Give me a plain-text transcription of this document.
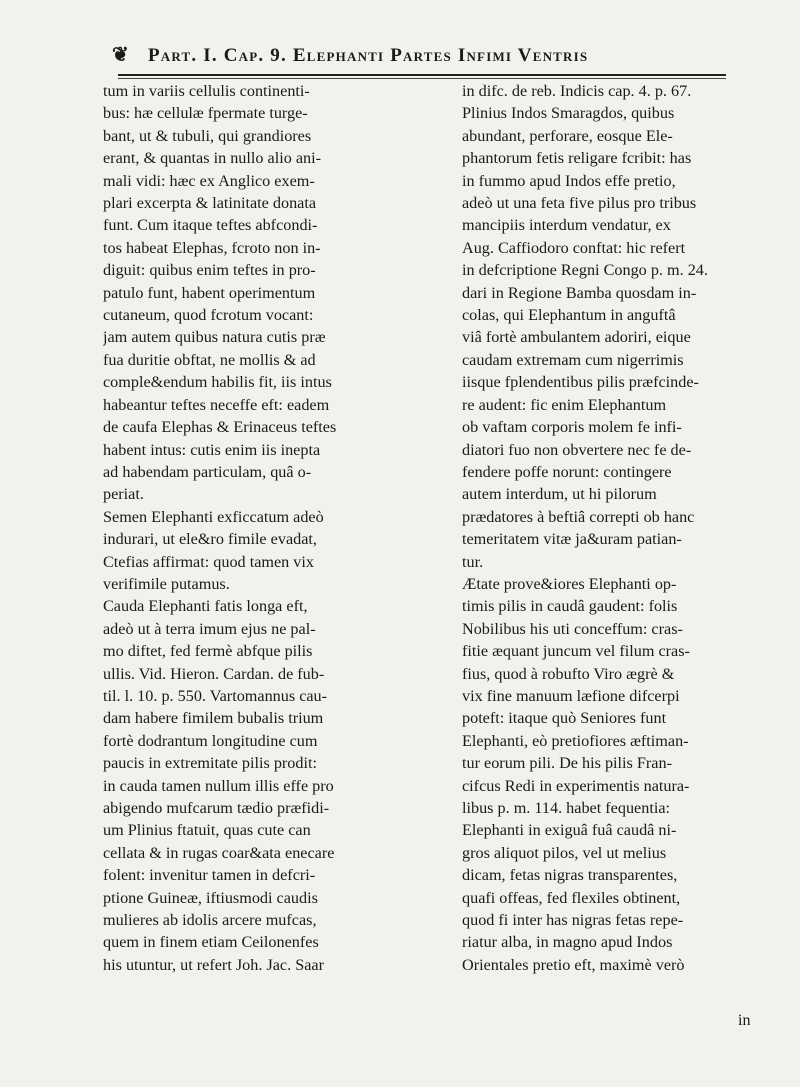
❦ Part. I. Cap. 9. Elephanti Partes Infimi Ventris
tum in variis cellulis continenti-
bus: hæ cellulæ fpermate turge-
bant, ut & tubuli, qui grandiores
erant, & quantas in nullo alio ani-
mali vidi: hæc ex Anglico exem-
plari excerpta & latinitate donata
funt. Cum itaque teftes abfcondi-
tos habeat Elephas, fcroto non in-
diguit: quibus enim teftes in pro-
patulo funt, habent operimentum
cutaneum, quod fcrotum vocant:
jam autem quibus natura cutis præ
fua duritie obftat, ne mollis & ad
comple&endum habilis fit, iis intus
habeantur teftes neceffe eft: eadem
de caufa Elephas & Erinaceus teftes
habent intus: cutis enim iis inepta
ad habendam particulam, quâ o-
periat.
Semen Elephanti exficcatum adeò
indurari, ut ele&ro fimile evadat,
Ctefias affirmat: quod tamen vix
verifimile putamus.
Cauda Elephanti fatis longa eft,
adeò ut à terra imum ejus ne pal-
mo diftet, fed fermè abfque pilis
ullis. Vid. Hieron. Cardan. de fub-
til. l. 10. p. 550. Vartomannus cau-
dam habere fimilem bubalis trium
fortè dodrantum longitudine cum
paucis in extremitate pilis prodit:
in cauda tamen nullum illis effe pro
abigendo mufcarum tædio præfidi-
um Plinius ftatuit, quas cute can
cellata & in rugas coar&ata enecare
folent: invenitur tamen in defcri-
ptione Guineæ, iftiusmodi caudis
mulieres ab idolis arcere mufcas,
quem in finem etiam Ceilonenfes
his utuntur, ut refert Joh. Jac. Saar
in difc. de reb. Indicis cap. 4. p. 67.
Plinius Indos Smaragdos, quibus
abundant, perforare, eosque Ele-
phantorum fetis religare fcribit: has
in fummo apud Indos effe pretio,
adeò ut una feta five pilus pro tribus
mancipiis interdum vendatur, ex
Aug. Caffiodoro conftat: hic refert
in defcriptione Regni Congo p. m. 24.
dari in Regione Bamba quosdam in-
colas, qui Elephantum in anguftâ
viâ fortè ambulantem adoriri, eique
caudam extremam cum nigerrimis
iisque fplendentibus pilis præfcinde-
re audent: fic enim Elephantum
ob vaftam corporis molem fe infi-
diatori fuo non obvertere nec fe de-
fendere poffe norunt: contingere
autem interdum, ut hi pilorum
prædatores à beftiâ correpti ob hanc
temeritatem vitæ ja&uram patian-
tur.
Ætate prove&iores Elephanti op-
timis pilis in caudâ gaudent: folis
Nobilibus his uti conceffum: cras-
fitie æquant juncum vel filum cras-
fius, quod à robufto Viro ægrè &
vix fine manuum læfione difcerpi
poteft: itaque quò Seniores funt
Elephanti, eò pretiofiores æftiman-
tur eorum pili. De his pilis Fran-
cifcus Redi in experimentis natura-
libus p. m. 114. habet fequentia:
Elephanti in exiguâ fuâ caudâ ni-
gros aliquot pilos, vel ut melius
dicam, fetas nigras transparentes,
quafi offeas, fed flexiles obtinent,
quod fi inter has nigras fetas repe-
riatur alba, in magno apud Indos
Orientales pretio eft, maximè verò
in
